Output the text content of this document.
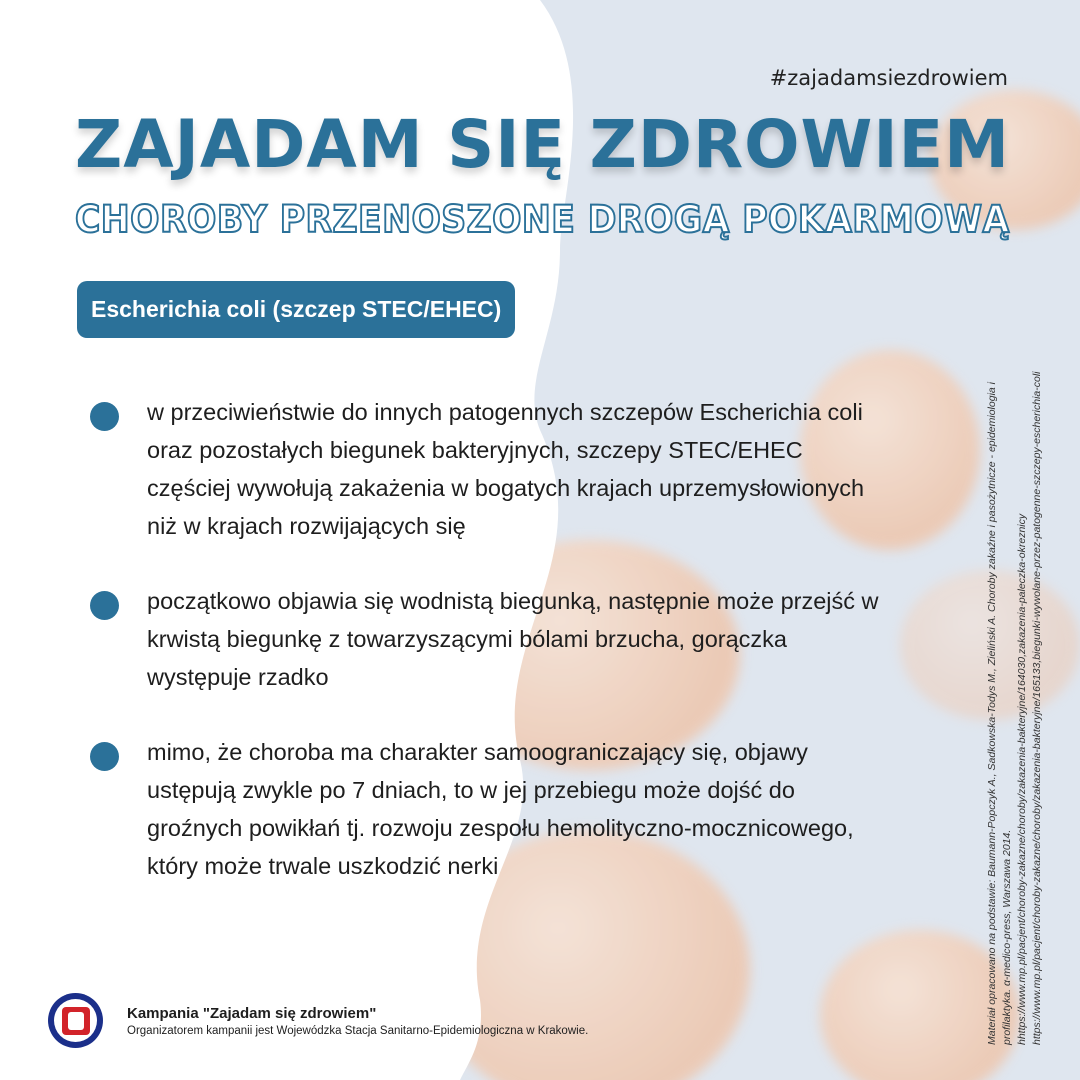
#zajadamsiezdrowiem
ZAJADAM SIĘ ZDROWIEM
CHOROBY PRZENOSZONE DROGĄ POKARMOWĄ
Escherichia coli (szczep STEC/EHEC)
w przeciwieństwie do innych patogennych szczepów Escherichia coli oraz pozostałych biegunek bakteryjnych, szczepy STEC/EHEC częściej wywołują zakażenia w bogatych krajach uprzemysłowionych niż w krajach rozwijających się
początkowo objawia się wodnistą biegunką, następnie może przejść w krwistą biegunkę z towarzyszącymi bólami brzucha, gorączka występuje rzadko
mimo, że choroba ma charakter samoograniczający się, objawy ustępują zwykle po 7 dniach, to w jej przebiegu może dojść do groźnych powikłań tj. rozwoju zespołu hemolityczno-mocznicowego, który może trwale uszkodzić nerki	Materiał opracowano na podstawie: Baumann-Popczyk A., Sadkowska-Todys M., Zieliński A. Choroby zakaźne i pasożytnicze - epidemiologia i profilaktyka. α-medico-press, Warszawa 2014. hhttps://www.mp.pl/pacjent/choroby-zakazne/choroby/zakazenia-bakteryjne/164030,zakazenia-paleczka-okreznicy https://www.mp.pl/pacjent/choroby-zakazne/choroby/zakazenia-bakteryjne/165133,biegunki-wywolane-przez-patogenne-szczepy-escherichia-coli
Kampania "Zajadam się zdrowiem"
Organizatorem kampanii jest Wojewódzka Stacja Sanitarno-Epidemiologiczna w Krakowie.
